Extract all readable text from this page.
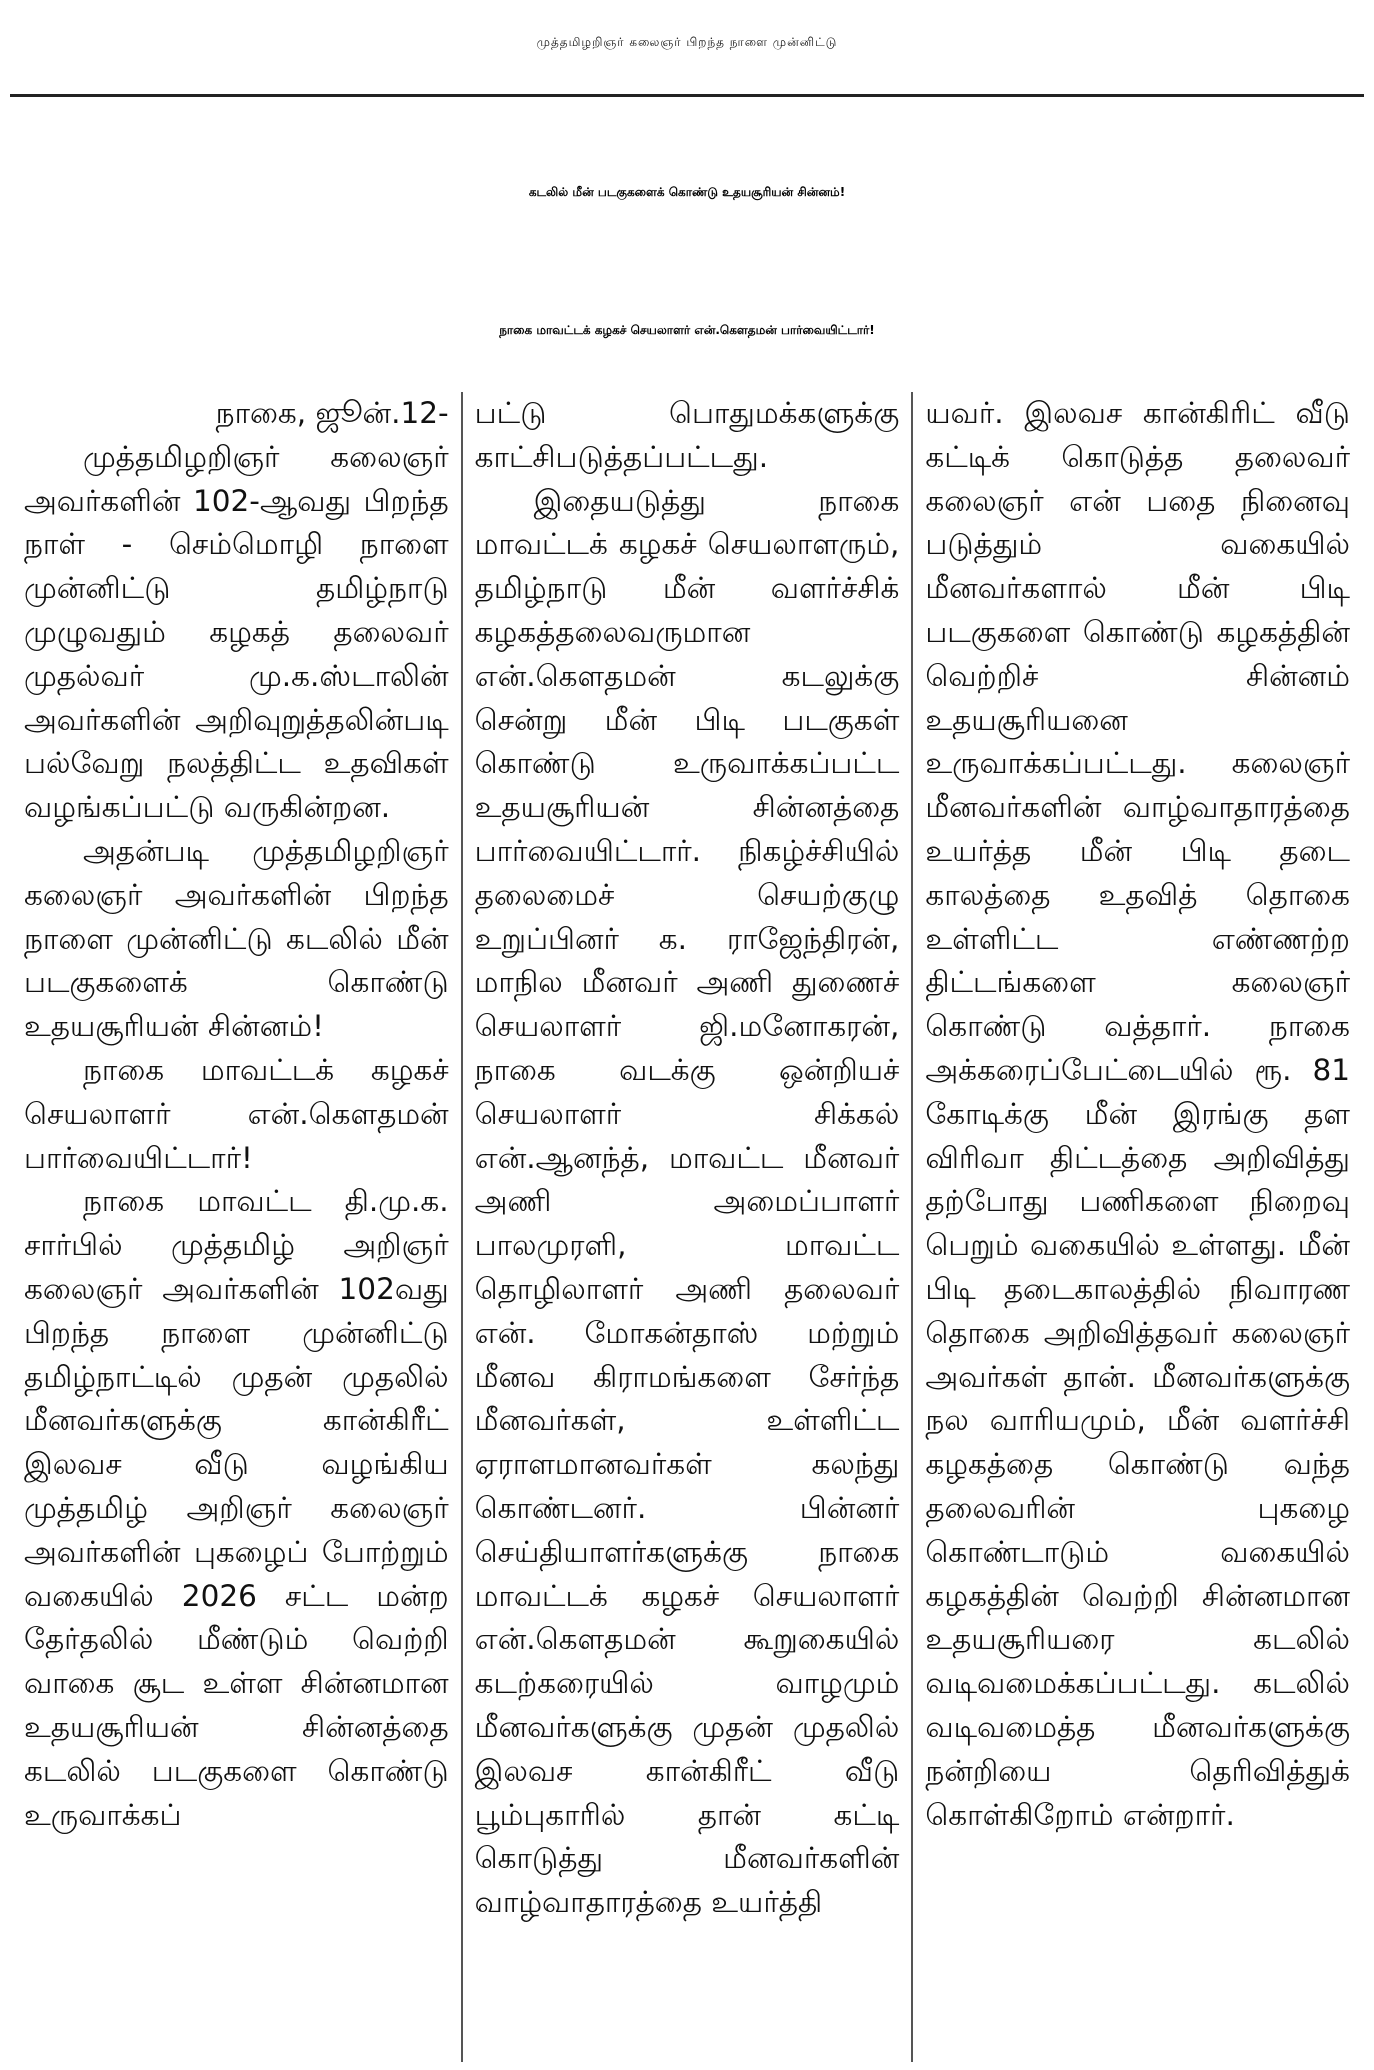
முத்தமிழறிஞர் கலைஞர் பிறந்த நாளை முன்னிட்டு
கடலில் மீன் படகுகளைக் கொண்டு உதயசூரியன் சின்னம்!
நாகை மாவட்டக் கழகச் செயலாளர் என்.கௌதமன் பார்வையிட்டார்!

நாகை, ஜூன்.12-

முத்தமிழறிஞர் கலைஞர் அவர்களின் 102-ஆவது பிறந்த நாள் - செம்மொழி நாளை முன்னிட்டு தமிழ்நாடு முழுவதும் கழகத் தலைவர் முதல்வர் மு.க.ஸ்டாலின் அவர்களின் அறிவுறுத்தலின்படி பல்வேறு நலத்திட்ட உதவிகள் வழங்கப்பட்டு வருகின்றன.

அதன்படி முத்தமிழறிஞர் கலைஞர் அவர்களின் பிறந்த நாளை முன்னிட்டு கடலில் மீன் படகுகளைக் கொண்டு உதயசூரியன் சின்னம்!

நாகை மாவட்டக் கழகச் செயலாளர் என்.கௌதமன் பார்வையிட்டார்!

நாகை மாவட்ட தி.மு.க. சார்பில் முத்தமிழ் அறிஞர் கலைஞர் அவர்களின் 102வது பிறந்த நாளை முன்னிட்டு தமிழ்நாட்டில் முதன் முதலில் மீனவர்களுக்கு கான்கிரீட் இலவச வீடு வழங்கிய முத்தமிழ் அறிஞர் கலைஞர் அவர்களின் புகழைப் போற்றும் வகையில் 2026 சட்ட மன்ற தேர்தலில் மீண்டும் வெற்றி வாகை சூட உள்ள சின்னமான உதயசூரியன் சின்னத்தை கடலில் படகுகளை கொண்டு உருவாக்கப்

பட்டு பொதுமக்களுக்கு காட்சிபடுத்தப்பட்டது.

இதையடுத்து நாகை மாவட்டக் கழகச் செயலாளரும், தமிழ்நாடு மீன் வளர்ச்சிக் கழகத்தலைவருமான என்.கௌதமன் கடலுக்கு சென்று மீன் பிடி படகுகள் கொண்டு உருவாக்கப்பட்ட உதயசூரியன் சின்னத்தை பார்வையிட்டார். நிகழ்ச்சியில் தலைமைச் செயற்குழு உறுப்பினர் க. ராஜேந்திரன், மாநில மீனவர் அணி துணைச் செயலாளர் ஜி.மனோகரன், நாகை வடக்கு ஒன்றியச் செயலாளர் சிக்கல் என்.ஆனந்த், மாவட்ட மீனவர் அணி அமைப்பாளர் பாலமுரளி, மாவட்ட தொழிலாளர் அணி தலைவர் என். மோகன்தாஸ் மற்றும் மீனவ கிராமங்களை சேர்ந்த மீனவர்கள், உள்ளிட்ட ஏராளமானவர்கள் கலந்து கொண்டனர். பின்னர் செய்தியாளர்களுக்கு நாகை மாவட்டக் கழகச் செயலாளர் என்.கௌதமன் கூறுகையில் கடற்கரையில் வாழமும் மீனவர்களுக்கு முதன் முதலில் இலவச கான்கிரீட் வீடு பூம்புகாரில் தான் கட்டி கொடுத்து மீனவர்களின் வாழ்வாதாரத்தை உயர்த்தி

யவர். இலவச கான்கிரிட் வீடு கட்டிக் கொடுத்த தலைவர் கலைஞர் என் பதை நினைவு படுத்தும் வகையில் மீனவர்களால் மீன் பிடி படகுகளை கொண்டு கழகத்தின் வெற்றிச் சின்னம் உதயசூரியனை உருவாக்கப்பட்டது. கலைஞர் மீனவர்களின் வாழ்வாதாரத்தை உயர்த்த மீன் பிடி தடை காலத்தை உதவித் தொகை உள்ளிட்ட எண்ணற்ற திட்டங்களை கலைஞர் கொண்டு வத்தார். நாகை அக்கரைப்பேட்டையில் ரூ. 81 கோடிக்கு மீன் இரங்கு தள விரிவா திட்டத்தை அறிவித்து தற்போது பணிகளை நிறைவு பெறும் வகையில் உள்ளது. மீன் பிடி தடைகாலத்தில் நிவாரண தொகை அறிவித்தவர் கலைஞர் அவர்கள் தான். மீனவர்களுக்கு நல வாரியமும், மீன் வளர்ச்சி கழகத்தை கொண்டு வந்த தலைவரின் புகழை கொண்டாடும் வகையில் கழகத்தின் வெற்றி சின்னமான உதயசூரியரை கடலில் வடிவமைக்கப்பட்டது. கடலில் வடிவமைத்த மீனவர்களுக்கு நன்றியை தெரிவித்துக் கொள்கிறோம் என்றார்.
